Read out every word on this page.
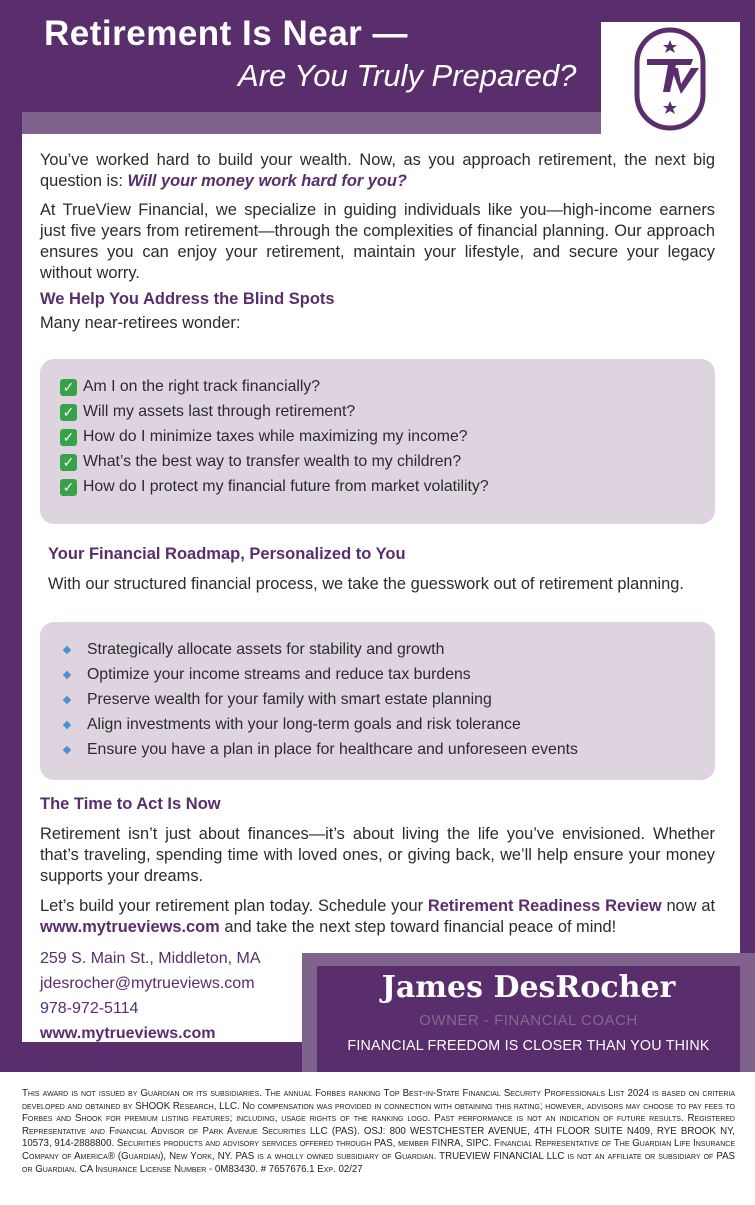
Retirement Is Near —
Are You Truly Prepared?
You’ve worked hard to build your wealth. Now, as you approach retirement, the next big question is: Will your money work hard for you?
At TrueView Financial, we specialize in guiding individuals like you—high-income earners just five years from retirement—through the complexities of financial planning. Our approach ensures you can enjoy your retirement, maintain your lifestyle, and secure your legacy without worry.
We Help You Address the Blind Spots
Many near-retirees wonder:
✓ Am I on the right track financially?
✓ Will my assets last through retirement?
✓ How do I minimize taxes while maximizing my income?
✓ What’s the best way to transfer wealth to my children?
✓ How do I protect my financial future from market volatility?
Your Financial Roadmap, Personalized to You
With our structured financial process, we take the guesswork out of retirement planning.
Strategically allocate assets for stability and growth
Optimize your income streams and reduce tax burdens
Preserve wealth for your family with smart estate planning
Align investments with your long-term goals and risk tolerance
Ensure you have a plan in place for healthcare and unforeseen events
The Time to Act Is Now
Retirement isn’t just about finances—it’s about living the life you’ve envisioned. Whether that’s traveling, spending time with loved ones, or giving back, we’ll help ensure your money supports your dreams.
Let’s build your retirement plan today. Schedule your Retirement Readiness Review now at www.mytrueviews.com and take the next step toward financial peace of mind!
259 S. Main St., Middleton, MA
jdesrocher@mytrueviews.com
978-972-5114
www.mytrueviews.com
James DesRocher
OWNER - FINANCIAL COACH
FINANCIAL FREEDOM IS CLOSER THAN YOU THINK
This award is not issued by Guardian or its subsidiaries. The annual Forbes ranking Top Best-in-State Financial Security Professionals List 2024 is based on criteria developed and obtained by SHOOK Research, LLC. No compensation was provided in connection with obtaining this rating; however, advisors may choose to pay fees to Forbes and Shook for premium listing features; including, usage rights of the ranking logo. Past performance is not an indication of future results. Registered Representative and Financial Advisor of Park Avenue Securities LLC (PAS). OSJ: 800 WESTCHESTER AVENUE, 4TH FLOOR SUITE N409, RYE BROOK NY, 10573, 914-2888800. Securities products and advisory services offered through PAS, member FINRA, SIPC. Financial Representative of The Guardian Life Insurance Company of America® (Guardian), New York, NY. PAS is a wholly owned subsidiary of Guardian. TRUEVIEW FINANCIAL LLC is not an affiliate or subsidiary of PAS or Guardian. CA Insurance License Number - 0M83430. # 7657676.1 Exp. 02/27
